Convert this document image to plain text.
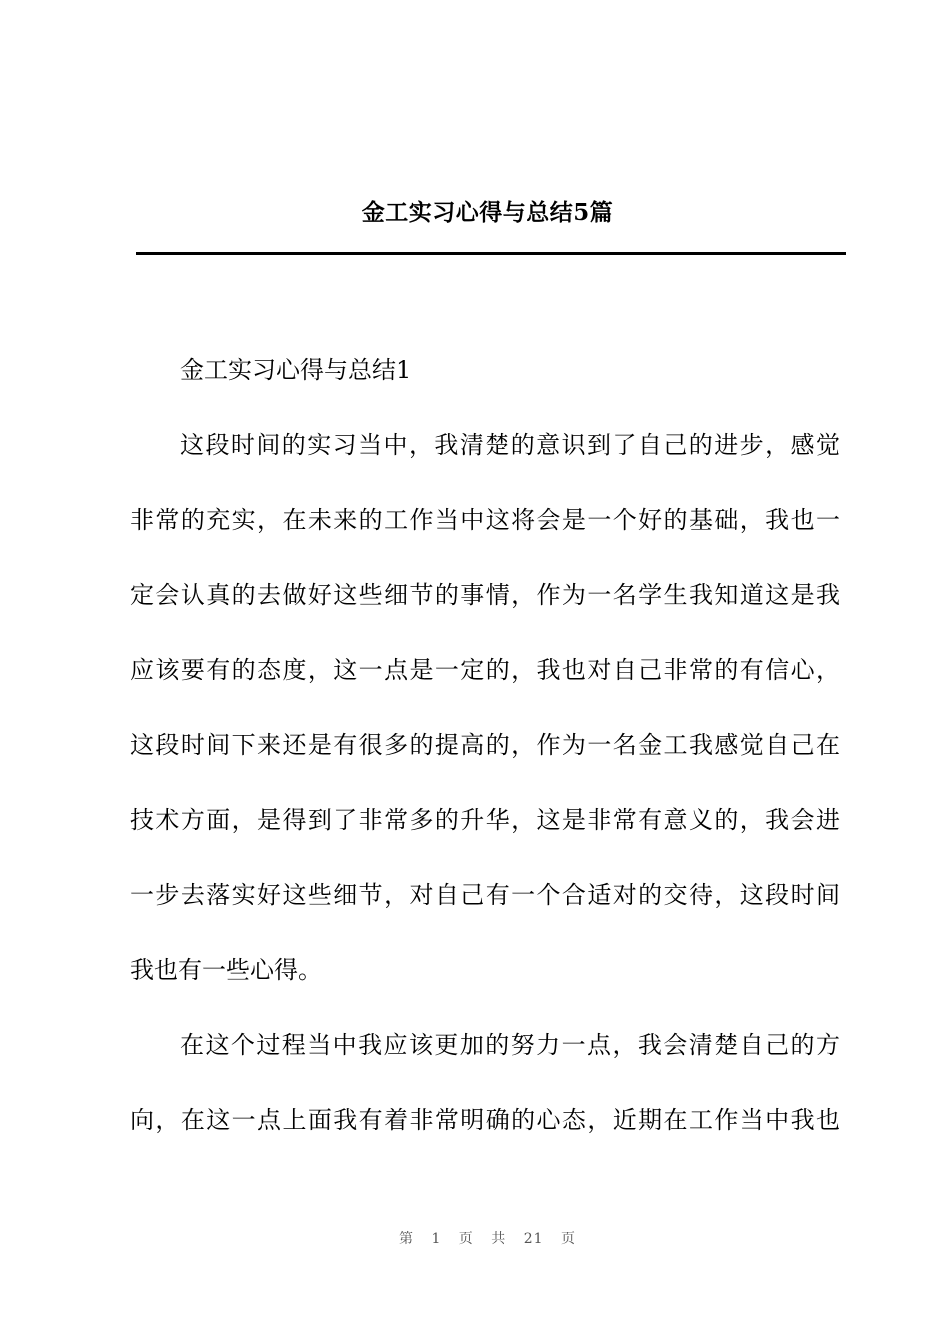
金工实习心得与总结5篇
金工实习心得与总结1
这段时间的实习当中，我清楚的意识到了自己的进步，感觉
非常的充实，在未来的工作当中这将会是一个好的基础，我也一
定会认真的去做好这些细节的事情，作为一名学生我知道这是我
应该要有的态度，这一点是一定的，我也对自己非常的有信心，
这段时间下来还是有很多的提高的，作为一名金工我感觉自己在
技术方面，是得到了非常多的升华，这是非常有意义的，我会进
一步去落实好这些细节，对自己有一个合适对的交待，这段时间
我也有一些心得。
在这个过程当中我应该更加的努力一点，我会清楚自己的方
向，在这一点上面我有着非常明确的心态，近期在工作当中我也
第 1 页 共 21 页
